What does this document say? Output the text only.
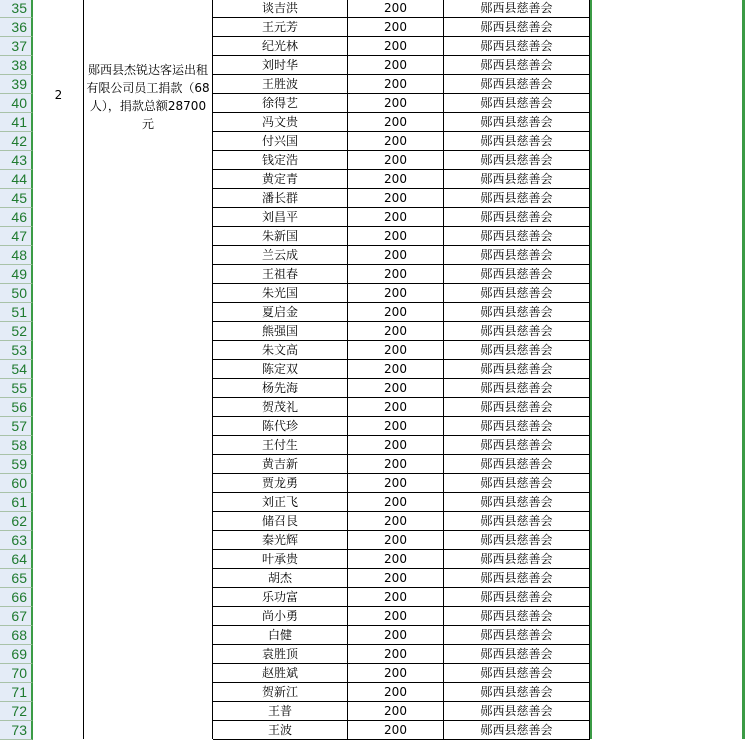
35	谈吉洪	200	郧西县慈善会
36	王元芳	200	郧西县慈善会
37	纪光林	200	郧西县慈善会
38	刘时华	200	郧西县慈善会
39	王胜波	200	郧西县慈善会
40	徐得艺	200	郧西县慈善会
41	冯文贵	200	郧西县慈善会
42	付兴国	200	郧西县慈善会
43	钱定浩	200	郧西县慈善会
44	黄定青	200	郧西县慈善会
45	潘长群	200	郧西县慈善会
46	刘昌平	200	郧西县慈善会
47	朱新国	200	郧西县慈善会
48	兰云成	200	郧西县慈善会
49	王祖春	200	郧西县慈善会
50	朱光国	200	郧西县慈善会
51	夏启金	200	郧西县慈善会
52	熊强国	200	郧西县慈善会
53	朱文高	200	郧西县慈善会
54	陈定双	200	郧西县慈善会
55	杨先海	200	郧西县慈善会
56	贺茂礼	200	郧西县慈善会
57	陈代珍	200	郧西县慈善会
58	王付生	200	郧西县慈善会
59	黄吉新	200	郧西县慈善会
60	贾龙勇	200	郧西县慈善会
61	刘正飞	200	郧西县慈善会
62	储召艮	200	郧西县慈善会
63	秦光辉	200	郧西县慈善会
64	叶承贵	200	郧西县慈善会
65	胡杰	200	郧西县慈善会
66	乐功富	200	郧西县慈善会
67	尚小勇	200	郧西县慈善会
68	白健	200	郧西县慈善会
69	袁胜顶	200	郧西县慈善会
70	赵胜斌	200	郧西县慈善会
71	贺新江	200	郧西县慈善会
72	王普	200	郧西县慈善会
73	王波	200	郧西县慈善会
2
郧西县杰锐达客运出租有限公司员工捐款（68人），捐款总额28700元
